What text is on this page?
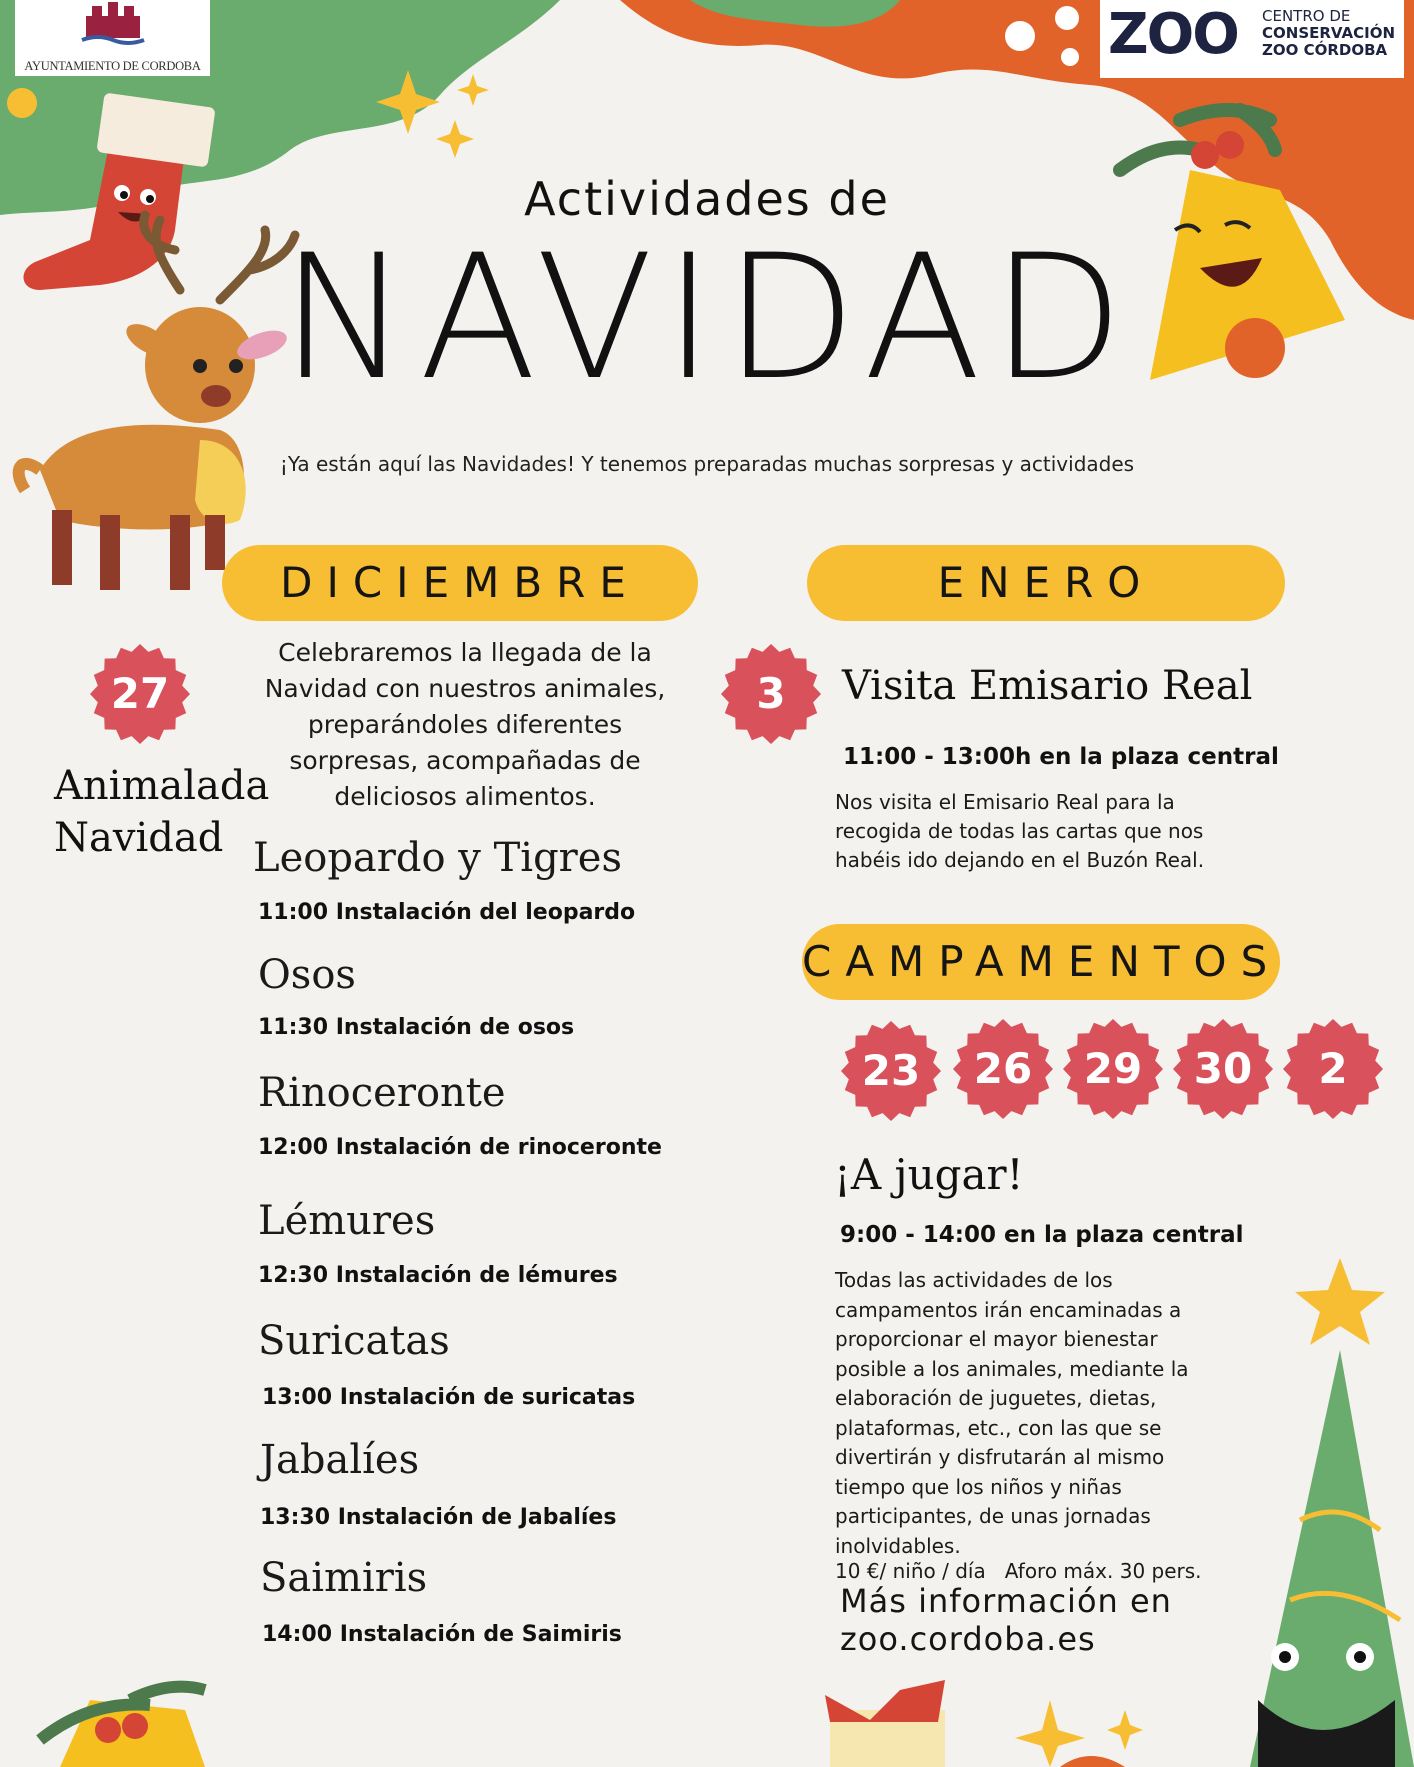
AYUNTAMIENTO DE CORDOBA	ZOO CENTRO DE
CONSERVACIÓN
ZOO CÓRDOBA
Actividades de
NAVIDAD
¡Ya están aquí las Navidades! Y tenemos preparadas muchas sorpresas y actividades
DICIEMBRE	ENERO
CAMPAMENTOS
27
Animalada
Navidad
Celebraremos la llegada de la Navidad con nuestros animales, preparándoles diferentes sorpresas, acompañadas de deliciosos alimentos.
Leopardo y Tigres
11:00 Instalación del leopardo
Osos
11:30 Instalación de osos
Rinoceronte
12:00 Instalación de rinoceronte
Lémures
12:30 Instalación de lémures
Suricatas
13:00 Instalación de suricatas
Jabalíes
13:30 Instalación de Jabalíes
Saimiris
14:00 Instalación de Saimiris
3	Visita Emisario Real
11:00 - 13:00h en la plaza central
Nos visita el Emisario Real para la recogida de todas las cartas que nos habéis ido dejando en el Buzón Real.
23	26	29	30	2
¡A jugar!
9:00 - 14:00 en la plaza central
Todas las actividades de los campamentos irán encaminadas a proporcionar el mayor bienestar posible a los animales, mediante la elaboración de juguetes, dietas, plataformas, etc., con las que se divertirán y disfrutarán al mismo tiempo que los niños y niñas participantes, de unas jornadas inolvidables.
10 €/ niño / día   Aforo máx. 30 pers.
Más información en
zoo.cordoba.es
